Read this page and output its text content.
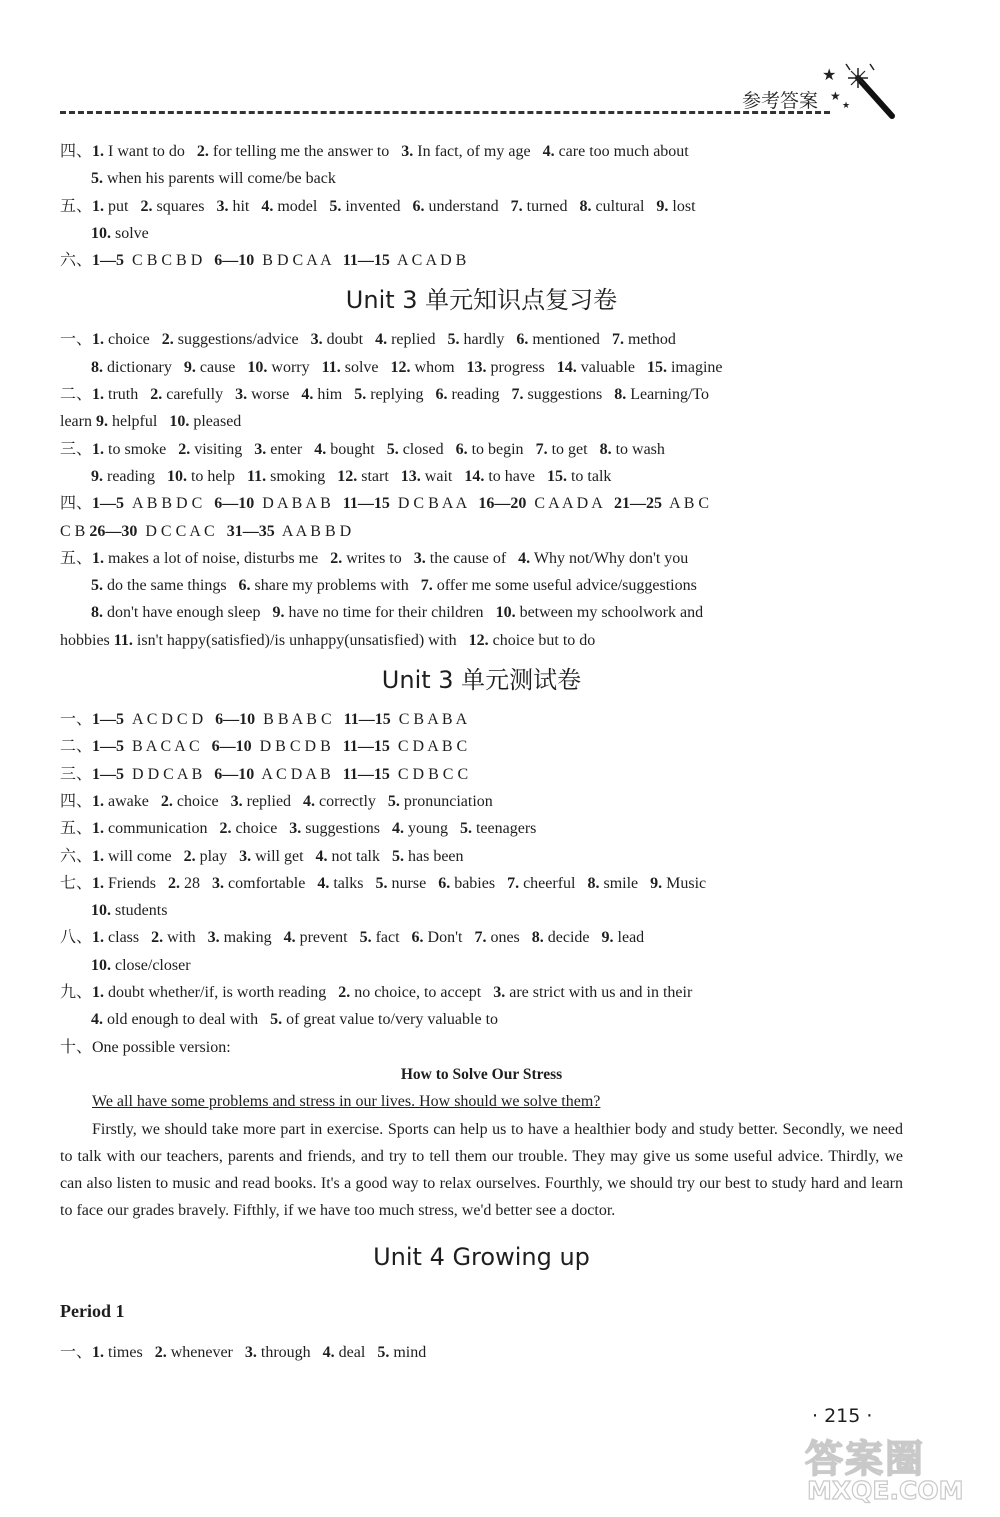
参考答案
★
★
★
四、1. I want to do   2. for telling me the answer to   3. In fact, of my age   4. care too much about
5. when his parents will come/be back
五、1. put   2. squares   3. hit   4. model   5. invented   6. understand   7. turned   8. cultural   9. lost
10. solve
六、1—5  C B C B D   6—10  B D C A A   11—15  A C A D B
Unit 3 单元知识点复习卷
一、1. choice   2. suggestions/advice   3. doubt   4. replied   5. hardly   6. mentioned   7. method
8. dictionary   9. cause   10. worry   11. solve   12. whom   13. progress   14. valuable   15. imagine
二、1. truth   2. carefully   3. worse   4. him   5. replying   6. reading   7. suggestions   8. Learning/To
learn 9. helpful   10. pleased
三、1. to smoke   2. visiting   3. enter   4. bought   5. closed   6. to begin   7. to get   8. to wash
9. reading   10. to help   11. smoking   12. start   13. wait   14. to have   15. to talk
四、1—5  A B B D C   6—10  D A B A B   11—15  D C B A A   16—20  C A A D A   21—25  A B C
C B 26—30  D C C A C   31—35  A A B B D
五、1. makes a lot of noise, disturbs me   2. writes to   3. the cause of   4. Why not/Why don't you
5. do the same things   6. share my problems with   7. offer me some useful advice/suggestions
8. don't have enough sleep   9. have no time for their children   10. between my schoolwork and
hobbies 11. isn't happy(satisfied)/is unhappy(unsatisfied) with   12. choice but to do
Unit 3 单元测试卷
一、1—5  A C D C D   6—10  B B A B C   11—15  C B A B A
二、1—5  B A C A C   6—10  D B C D B   11—15  C D A B C
三、1—5  D D C A B   6—10  A C D A B   11—15  C D B C C
四、1. awake   2. choice   3. replied   4. correctly   5. pronunciation
五、1. communication   2. choice   3. suggestions   4. young   5. teenagers
六、1. will come   2. play   3. will get   4. not talk   5. has been
七、1. Friends   2. 28   3. comfortable   4. talks   5. nurse   6. babies   7. cheerful   8. smile   9. Music
10. students
八、1. class   2. with   3. making   4. prevent   5. fact   6. Don't   7. ones   8. decide   9. lead
10. close/closer
九、1. doubt whether/if, is worth reading   2. no choice, to accept   3. are strict with us and in their
4. old enough to deal with   5. of great value to/very valuable to
十、One possible version:
How to Solve Our Stress

We all have some problems and stress in our lives. How should we solve them?

Firstly, we should take more part in exercise. Sports can help us to have a healthier body and study better. Secondly, we need to talk with our teachers, parents and friends, and try to tell them our trouble. They may give us some useful advice. Thirdly, we can also listen to music and read books. It's a good way to relax ourselves. Fourthly, we should try our best to study hard and learn to face our grades bravely. Fifthly, if we have too much stress, we'd better see a doctor.

Unit 4 Growing up
Period 1
一、1. times   2. whenever   3. through   4. deal   5. mind
· 215 ·
答案圈
MXQE.COM
